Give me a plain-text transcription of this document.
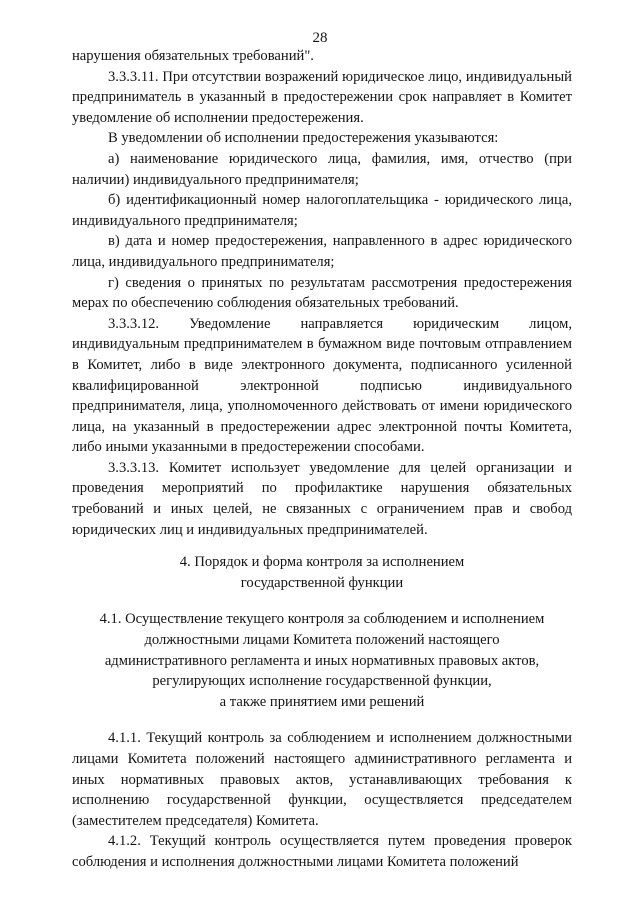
28

нарушения обязательных требований".

3.3.3.11. При отсутствии возражений юридическое лицо, индивидуальный предприниматель в указанный в предостережении срок направляет в Комитет уведомление об исполнении предостережения.

В уведомлении об исполнении предостережения указываются:

а) наименование юридического лица, фамилия, имя, отчество (при наличии) индивидуального предпринимателя;

б) идентификационный номер налогоплательщика - юридического лица, индивидуального предпринимателя;

в) дата и номер предостережения, направленного в адрес юридического лица, индивидуального предпринимателя;

г) сведения о принятых по результатам рассмотрения предостережения мерах по обеспечению соблюдения обязательных требований.

3.3.3.12. Уведомление направляется юридическим лицом, индивидуальным предпринимателем в бумажном виде почтовым отправлением в Комитет, либо в виде электронного документа, подписанного усиленной квалифицированной электронной подписью индивидуального предпринимателя, лица, уполномоченного действовать от имени юридического лица, на указанный в предостережении адрес электронной почты Комитета, либо иными указанными в предостережении способами.

3.3.3.13. Комитет использует уведомление для целей организации и проведения мероприятий по профилактике нарушения обязательных требований и иных целей, не связанных с ограничением прав и свобод юридических лиц и индивидуальных предпринимателей.

4. Порядок и форма контроля за исполнением

государственной функции

4.1. Осуществление текущего контроля за соблюдением и исполнением

должностными лицами Комитета положений настоящего

административного регламента и иных нормативных правовых актов,

регулирующих исполнение государственной функции,

а также принятием ими решений

4.1.1. Текущий контроль за соблюдением и исполнением должностными лицами Комитета положений настоящего административного регламента и иных нормативных правовых актов, устанавливающих требования к исполнению государственной функции, осуществляется председателем (заместителем председателя) Комитета.

4.1.2. Текущий контроль осуществляется путем проведения проверок соблюдения и исполнения должностными лицами Комитета положений
